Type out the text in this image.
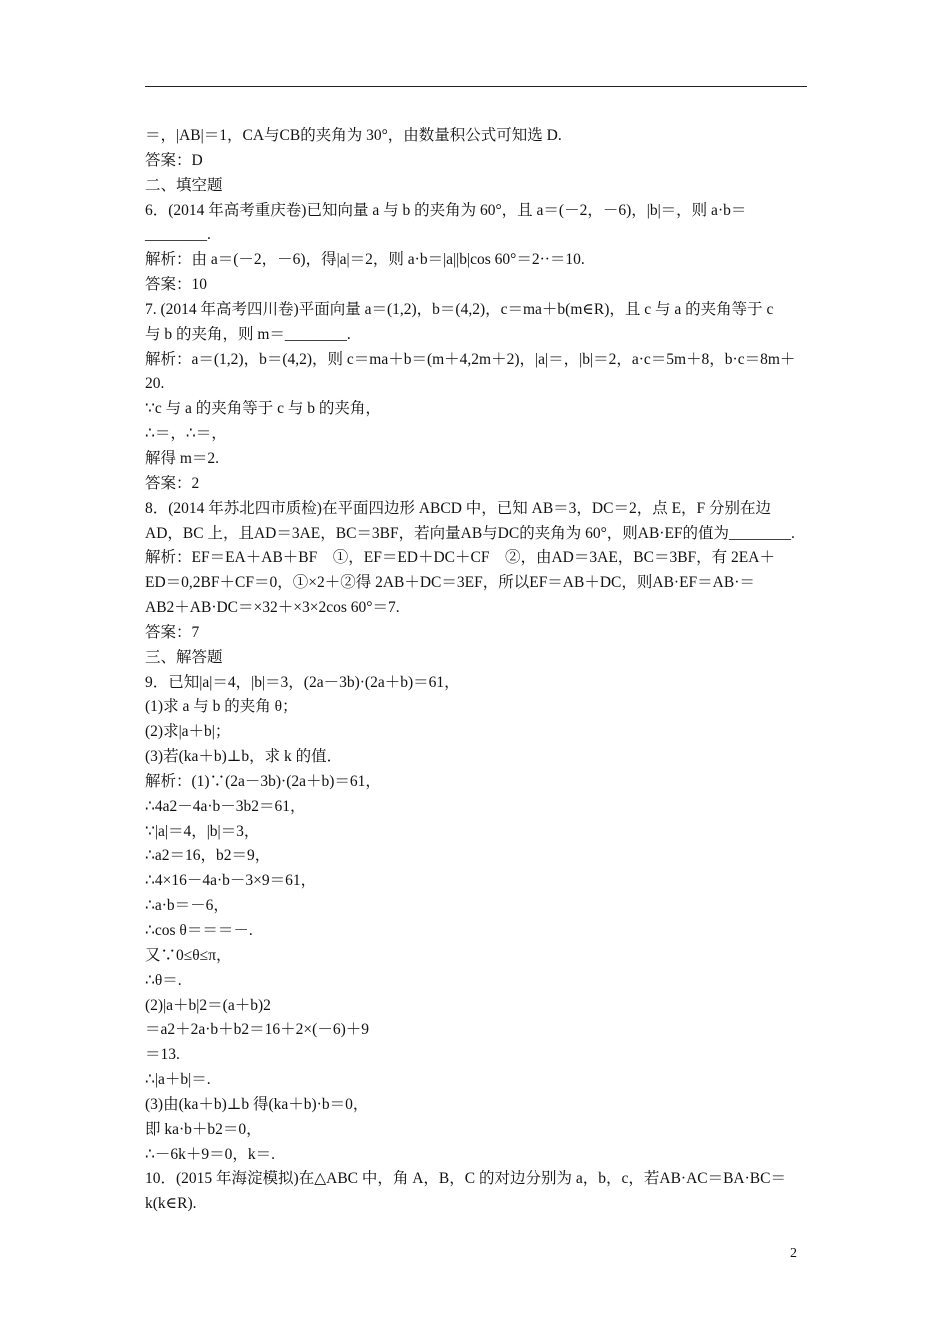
＝，|AB|＝1，CA与CB的夹角为 30°，由数量积公式可知选 D.
答案：D
二、填空题
6．(2014 年高考重庆卷)已知向量 a 与 b 的夹角为 60°，且 a＝(－2，－6)，|b|＝，则 a·b＝
________.
解析：由 a＝(－2，－6)，得|a|＝2，则 a·b＝|a||b|cos 60°＝2··＝10.
答案：10
7. (2014 年高考四川卷)平面向量 a＝(1,2)，b＝(4,2)，c＝ma＋b(m∈R)，且 c 与 a 的夹角等于 c
与 b 的夹角，则 m＝________.
解析：a＝(1,2)，b＝(4,2)，则 c＝ma＋b＝(m＋4,2m＋2)，|a|＝，|b|＝2，a·c＝5m＋8，b·c＝8m＋
20.
∵c 与 a 的夹角等于 c 与 b 的夹角，
∴＝，∴＝，
解得 m＝2.
答案：2
8．(2014 年苏北四市质检)在平面四边形 ABCD 中，已知 AB＝3，DC＝2，点 E，F 分别在边
AD，BC 上，且AD＝3AE，BC＝3BF，若向量AB与DC的夹角为 60°，则AB·EF的值为________.
解析：EF＝EA＋AB＋BF　①，EF＝ED＋DC＋CF　②，由AD＝3AE，BC＝3BF，有 2EA＋
ED＝0,2BF＋CF＝0，①×2＋②得 2AB＋DC＝3EF，所以EF＝AB＋DC，则AB·EF＝AB·＝
AB2＋AB·DC＝×32＋×3×2cos 60°＝7.
答案：7
三、解答题
9．已知|a|＝4，|b|＝3，(2a－3b)·(2a＋b)＝61，
(1)求 a 与 b 的夹角 θ；
(2)求|a＋b|；
(3)若(ka＋b)⊥b，求 k 的值．
解析：(1)∵(2a－3b)·(2a＋b)＝61，
∴4a2－4a·b－3b2＝61，
∵|a|＝4，|b|＝3，
∴a2＝16，b2＝9，
∴4×16－4a·b－3×9＝61，
∴a·b＝－6，
∴cos θ＝＝＝－.
又∵0≤θ≤π，
∴θ＝.
(2)|a＋b|2＝(a＋b)2
＝a2＋2a·b＋b2＝16＋2×(－6)＋9
＝13.
∴|a＋b|＝.
(3)由(ka＋b)⊥b 得(ka＋b)·b＝0，
即 ka·b＋b2＝0，
∴－6k＋9＝0，k＝.
10．(2015 年海淀模拟)在△ABC 中，角 A，B，C 的对边分别为 a，b，c，若AB·AC＝BA·BC＝
k(k∈R).
2
